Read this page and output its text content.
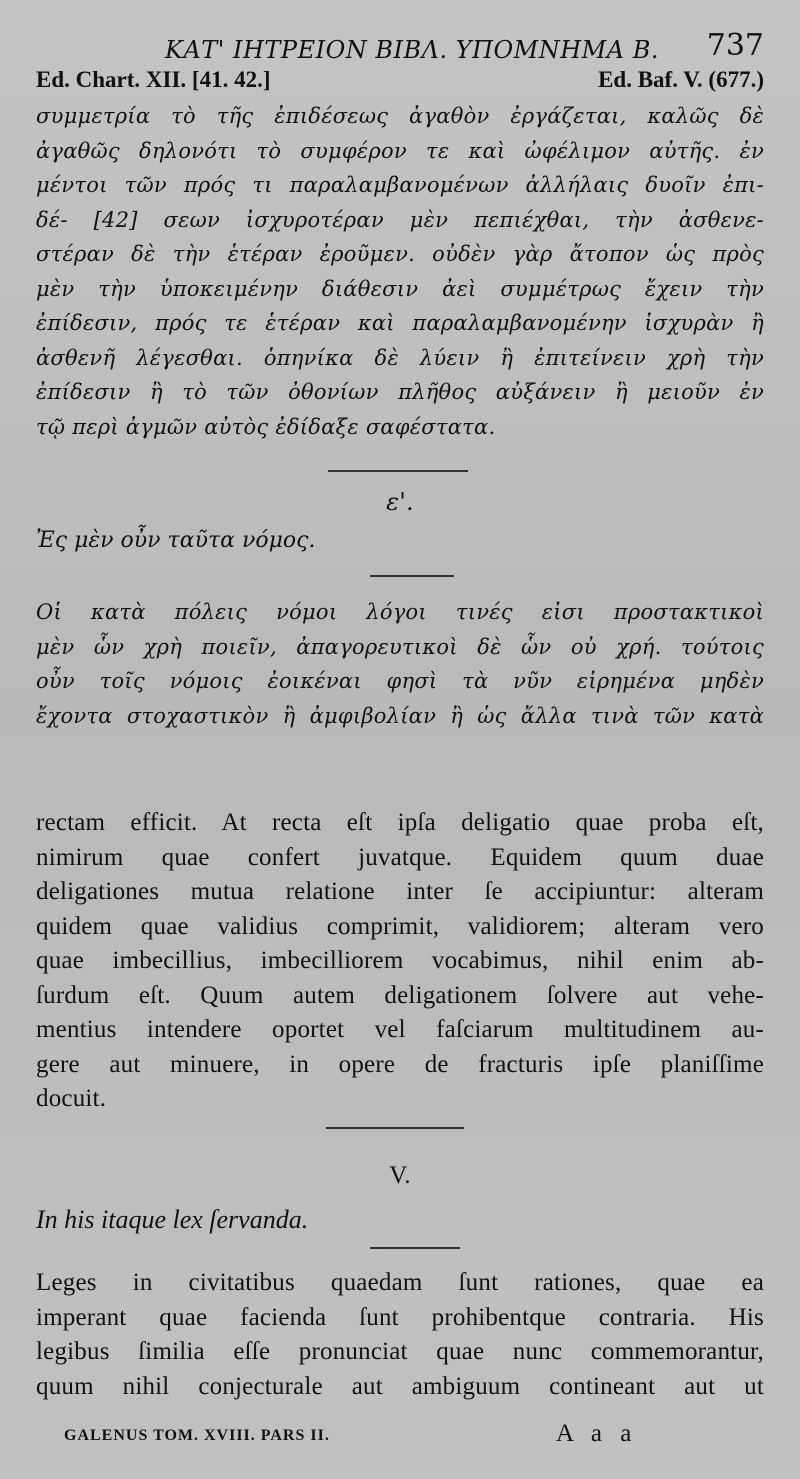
ΚΑΤ' ΙΗΤΡΕΙΟΝ ΒΙΒΛ. ΥΠΟΜΝΗΜΑ Β.	737
Ed. Chart. XII. [41. 42.]	Ed. Baf. V. (677.)
συμμετρία τὸ τῆς ἐπιδέσεως ἀγαθὸν ἐργάζεται, καλῶς δὲ
ἀγαθῶς δηλονότι τὸ συμφέρον τε καὶ ὠφέλιμον αὐτῆς. ἐν
μέντοι τῶν πρός τι παραλαμβανομένων ἀλλήλαις δυοῖν ἐπι-
δέ- [42] σεων ἰσχυροτέραν μὲν πεπιέχθαι, τὴν ἀσθενε-
στέραν δὲ τὴν ἑτέραν ἐροῦμεν. οὐδὲν γὰρ ἄτοπον ὡς πρὸς
μὲν τὴν ὑποκειμένην διάθεσιν ἀεὶ συμμέτρως ἔχειν τὴν
ἐπίδεσιν, πρός τε ἑτέραν καὶ παραλαμβανομένην ἰσχυρὰν ἢ
ἀσθενῆ λέγεσθαι. ὁπηνίκα δὲ λύειν ἢ ἐπιτείνειν χρὴ τὴν
ἐπίδεσιν ἢ τὸ τῶν ὀθονίων πλῆθος αὐξάνειν ἢ μειοῦν ἐν
τῷ περὶ ἀγμῶν αὐτὸς ἐδίδαξε σαφέστατα.
ε'.
Ἐς μὲν οὖν ταῦτα νόμος.
Οἱ κατὰ πόλεις νόμοι λόγοι τινές εἰσι προστακτικοὶ
μὲν ὧν χρὴ ποιεῖν, ἀπαγορευτικοὶ δὲ ὧν οὐ χρή. τούτοις
οὖν τοῖς νόμοις ἐοικέναι φησὶ τὰ νῦν εἰρημένα μηδὲν
ἔχοντα στοχαστικὸν ἢ ἀμφιβολίαν ἢ ὡς ἄλλα τινὰ τῶν κατὰ
rectam efficit. At recta eſt ipſa deligatio quae proba eſt,
nimirum quae confert juvatque. Equidem quum duae
deligationes mutua relatione inter ſe accipiuntur: alteram
quidem quae validius comprimit, validiorem; alteram vero
quae imbecillius, imbecilliorem vocabimus, nihil enim ab-
ſurdum eſt. Quum autem deligationem ſolvere aut vehe-
mentius intendere oportet vel faſciarum multitudinem au-
gere aut minuere, in opere de fracturis ipſe planiſſime
docuit.
V.
In his itaque lex ſervanda.
Leges in civitatibus quaedam ſunt rationes, quae ea
imperant quae facienda ſunt prohibentque contraria. His
legibus ſimilia eſſe pronunciat quae nunc commemorantur,
quum nihil conjecturale aut ambiguum contineant aut ut
GALENUS TOM. XVIII. PARS II.	A a a
